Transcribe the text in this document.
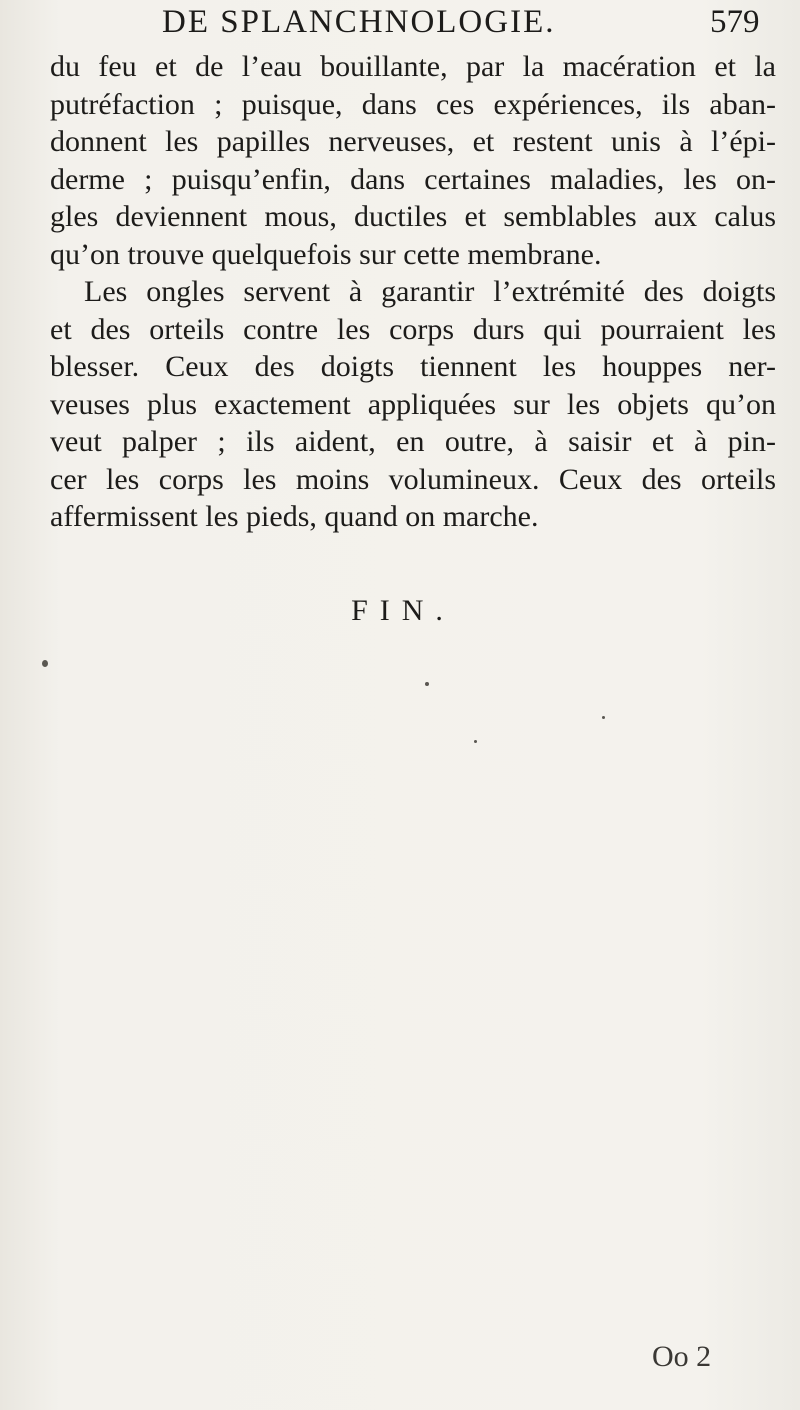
DE SPLANCHNOLOGIE.	579
du feu et de l’eau bouillante, par la macération et la
putréfaction ; puisque, dans ces expériences, ils aban-
donnent les papilles nerveuses, et restent unis à l’épi-
derme ; puisqu’enfin, dans certaines maladies, les on-
gles deviennent mous, ductiles et semblables aux calus
qu’on trouve quelquefois sur cette membrane.
Les ongles servent à garantir l’extrémité des doigts
et des orteils contre les corps durs qui pourraient les
blesser. Ceux des doigts tiennent les houppes ner-
veuses plus exactement appliquées sur les objets qu’on
veut palper ; ils aident, en outre, à saisir et à pin-
cer les corps les moins volumineux. Ceux des orteils
affermissent les pieds, quand on marche.
FIN.
Oo 2
